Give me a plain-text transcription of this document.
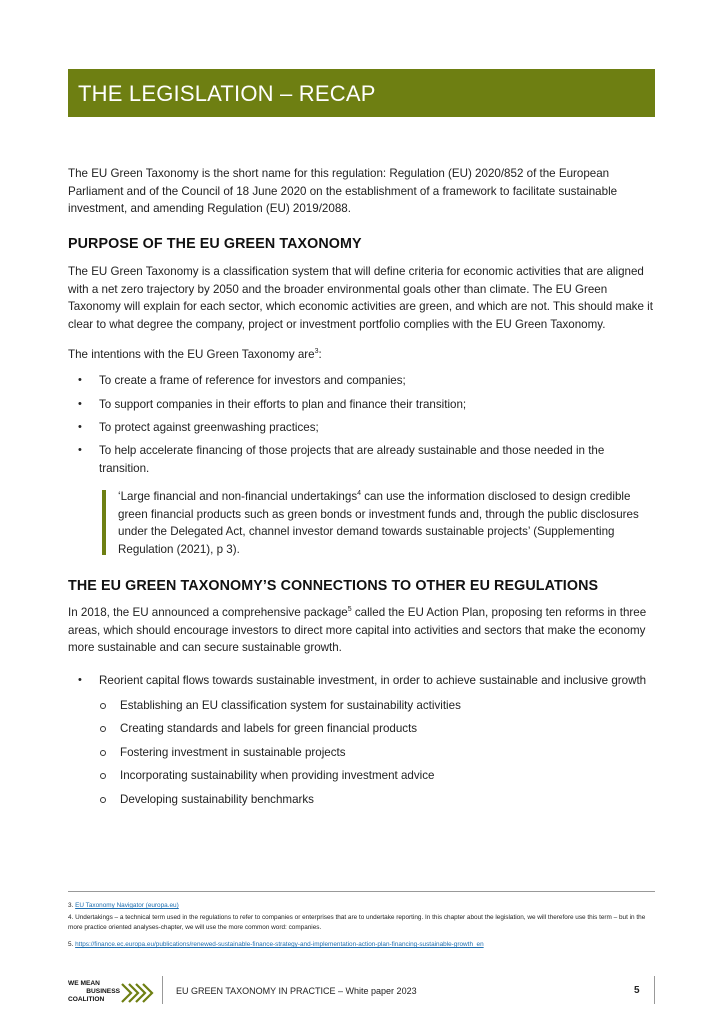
THE LEGISLATION – RECAP

The EU Green Taxonomy is the short name for this regulation: Regulation (EU) 2020/852 of the European Parliament and of the Council of 18 June 2020 on the establishment of a framework to facilitate sustainable investment, and amending Regulation (EU) 2019/2088.

PURPOSE OF THE EU GREEN TAXONOMY

The EU Green Taxonomy is a classification system that will define criteria for economic activities that are aligned with a net zero trajectory by 2050 and the broader environmental goals other than climate. The EU Green Taxonomy will explain for each sector, which economic activities are green, and which are not. This should make it clear to what degree the company, project or investment portfolio complies with the EU Green Taxonomy.

The intentions with the EU Green Taxonomy are$^3$:

• To create a frame of reference for investors and companies;
• To support companies in their efforts to plan and finance their transition;
• To protect against greenwashing practices;
• To help accelerate financing of those projects that are already sustainable and those needed in the transition.

‘Large financial and non-financial undertakings$^4$ can use the information disclosed to design credible green financial products such as green bonds or investment funds and, through the public disclosures under the Delegated Act, channel investor demand towards sustainable projects’ (Supplementing Regulation (2021), p 3).

THE EU GREEN TAXONOMY’S CONNECTIONS TO OTHER EU REGULATIONS

In 2018, the EU announced a comprehensive package$^5$ called the EU Action Plan, proposing ten reforms in three areas, which should encourage investors to direct more capital into activities and sectors that make the economy more sustainable and can secure sustainable growth.

• Reorient capital flows towards sustainable investment, in order to achieve sustainable and inclusive growth
Establishing an EU classification system for sustainability activities
Creating standards and labels for green financial products
Fostering investment in sustainable projects
Incorporating sustainability when providing investment advice
Developing sustainability benchmarks
3. EU Taxonomy Navigator (europa.eu)
4. Undertakings – a technical term used in the regulations to refer to companies or enterprises that are to undertake reporting. In this chapter about the legislation, we will therefore use this term – but in the more practice oriented analyses-chapter, we will use the more common word: companies.
5. https://finance.ec.europa.eu/publications/renewed-sustainable-finance-strategy-and-implementation-action-plan-financing-sustainable-growth_en
WE MEAN
BUSINESS
COALITION
EU GREEN TAXONOMY IN PRACTICE – White paper 2023	5
